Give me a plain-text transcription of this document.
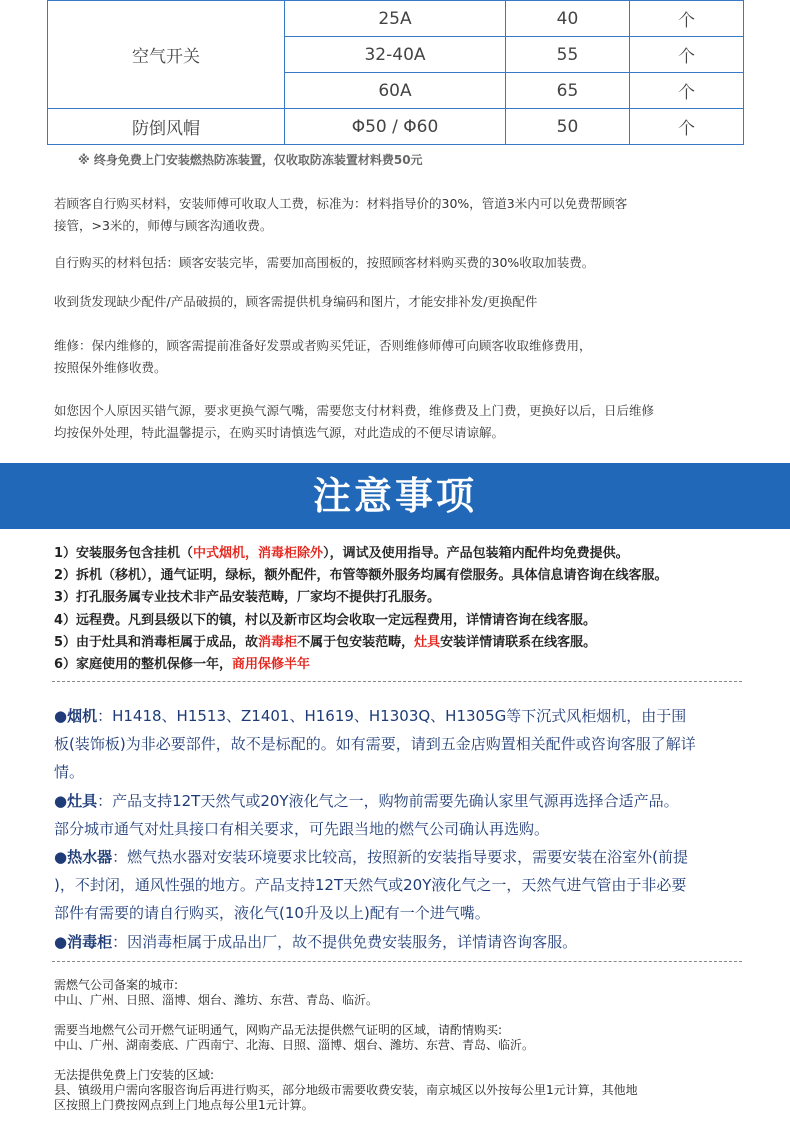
空气开关	25A	40	个
	32-40A	55	个
	60A	65	个
防倒风帽	Φ50 / Φ60	50	个
※ 终身免费上门安装燃热防冻装置，仅收取防冻装置材料费50元
若顾客自行购买材料，安装师傅可收取人工费，标准为：材料指导价的30%，管道3米内可以免费帮顾客
接管，>3米的，师傅与顾客沟通收费。
自行购买的材料包括：顾客安装完毕，需要加高围板的，按照顾客材料购买费的30%收取加装费。
收到货发现缺少配件/产品破损的，顾客需提供机身编码和图片，才能安排补发/更换配件
维修：保内维修的，顾客需提前准备好发票或者购买凭证，否则维修师傅可向顾客收取维修费用，
按照保外维修收费。
如您因个人原因买错气源，要求更换气源气嘴，需要您支付材料费，维修费及上门费，更换好以后，日后维修
均按保外处理，特此温馨提示，在购买时请慎选气源，对此造成的不便尽请谅解。
注意事项
1）安装服务包含挂机（中式烟机，消毒柜除外），调试及使用指导。产品包装箱内配件均免费提供。
2）拆机（移机），通气证明，绿标，额外配件，布管等额外服务均属有偿服务。具体信息请咨询在线客服。
3）打孔服务属专业技术非产品安装范畴，厂家均不提供打孔服务。
4）远程费。凡到县级以下的镇，村以及新市区均会收取一定远程费用，详情请咨询在线客服。
5）由于灶具和消毒柜属于成品，故消毒柜不属于包安装范畴，灶具安装详情请联系在线客服。
6）家庭使用的整机保修一年，商用保修半年
●烟机：H1418、H1513、Z1401、H1619、H1303Q、H1305G等下沉式风柜烟机，由于围
板(装饰板)为非必要部件，故不是标配的。如有需要，请到五金店购置相关配件或咨询客服了解详
情。
●灶具：产品支持12T天然气或20Y液化气之一，购物前需要先确认家里气源再选择合适产品。
部分城市通气对灶具接口有相关要求，可先跟当地的燃气公司确认再选购。
●热水器：燃气热水器对安装环境要求比较高，按照新的安装指导要求，需要安装在浴室外(前提
)，不封闭，通风性强的地方。产品支持12T天然气或20Y液化气之一，天然气进气管由于非必要
部件有需要的请自行购买，液化气(10升及以上)配有一个进气嘴。
●消毒柜：因消毒柜属于成品出厂，故不提供免费安装服务，详情请咨询客服。
需燃气公司备案的城市:
中山、广州、日照、淄博、烟台、潍坊、东营、青岛、临沂。
需要当地燃气公司开燃气证明通气，网购产品无法提供燃气证明的区域，请酌情购买:
中山、广州、湖南娄底、广西南宁、北海、日照、淄博、烟台、潍坊、东营、青岛、临沂。
无法提供免费上门安装的区域:
县、镇级用户需向客服咨询后再进行购买，部分地级市需要收费安装，南京城区以外按每公里1元计算，其他地
区按照上门费按网点到上门地点每公里1元计算。
